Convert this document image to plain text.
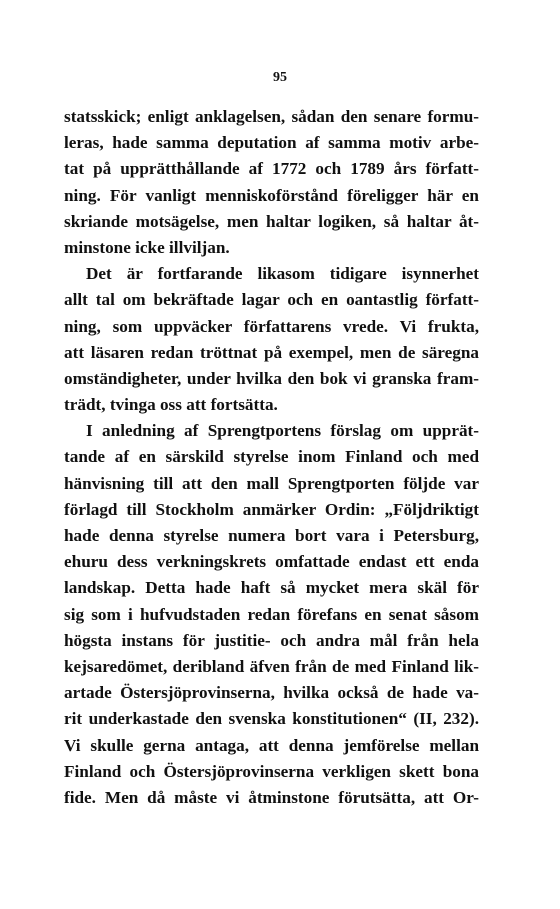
95
statsskick; enligt anklagelsen, sådan den senare formu-
leras, hade samma deputation af samma motiv arbe-
tat på upprätthållande af 1772 och 1789 års författ-
ning. För vanligt menniskoförstånd föreligger här en
skriande motsägelse, men haltar logiken, så haltar åt-
minstone icke illviljan.
Det är fortfarande likasom tidigare isynnerhet
allt tal om bekräftade lagar och en oantastlig författ-
ning, som uppväcker författarens vrede. Vi frukta,
att läsaren redan tröttnat på exempel, men de säregna
omständigheter, under hvilka den bok vi granska fram-
trädt, tvinga oss att fortsätta.
I anledning af Sprengtportens förslag om upprät-
tande af en särskild styrelse inom Finland och med
hänvisning till att den mall Sprengtporten följde var
förlagd till Stockholm anmärker Ordin: „Följdriktigt
hade denna styrelse numera bort vara i Petersburg,
ehuru dess verkningskrets omfattade endast ett enda
landskap. Detta hade haft så mycket mera skäl för
sig som i hufvudstaden redan förefans en senat såsom
högsta instans för justitie- och andra mål från hela
kejsaredömet, deribland äfven från de med Finland lik-
artade Östersjöprovinserna, hvilka också de hade va-
rit underkastade den svenska konstitutionen“ (II, 232).
Vi skulle gerna antaga, att denna jemförelse mellan
Finland och Östersjöprovinserna verkligen skett bona
fide. Men då måste vi åtminstone förutsätta, att Or-
